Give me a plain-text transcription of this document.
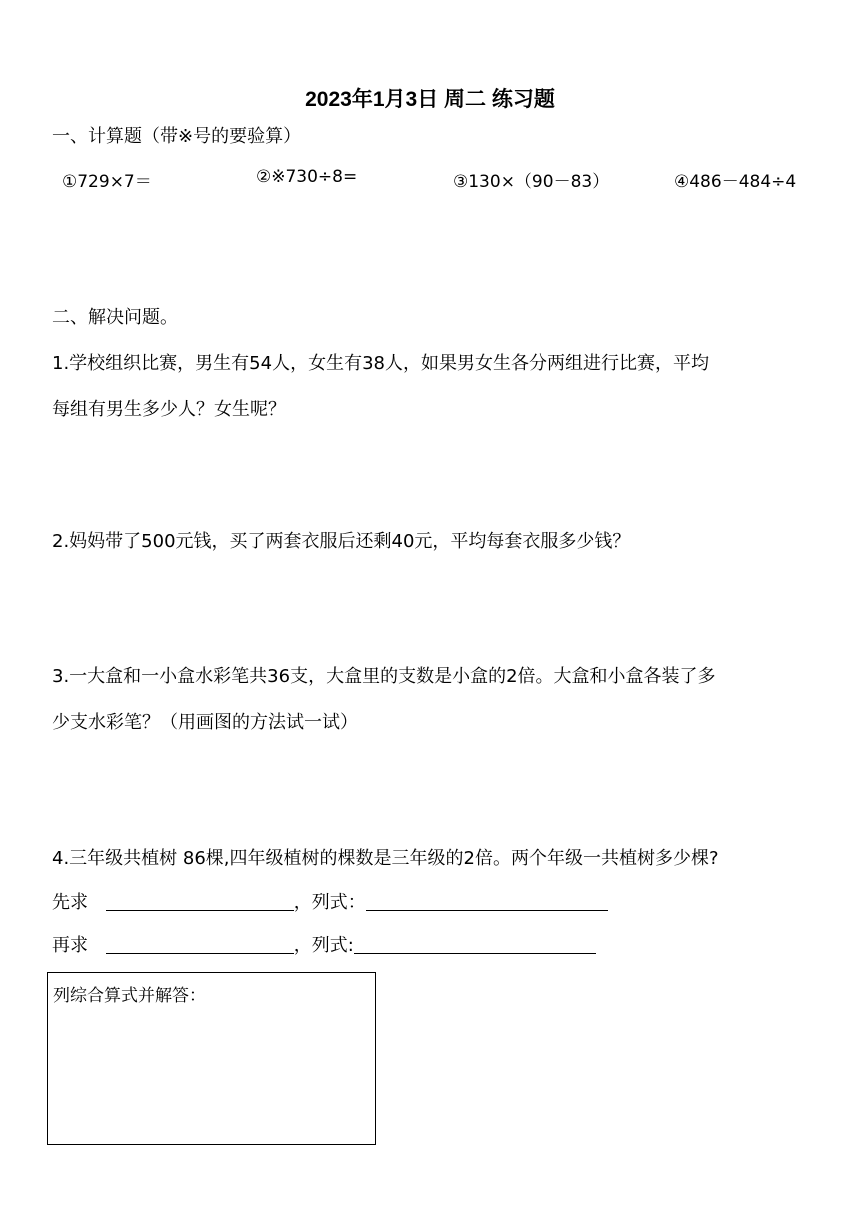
2023年1月3日 周二 练习题
一、计算题（带※号的要验算）
①729×7＝	②※730÷8=	③130×（90－83）	④486－484÷4
二、解决问题。
1.学校组织比赛，男生有54人，女生有38人，如果男女生各分两组进行比赛，平均
每组有男生多少人？女生呢？
2.妈妈带了500元钱，买了两套衣服后还剩40元，平均每套衣服多少钱？
3.一大盒和一小盒水彩笔共36支，大盒里的支数是小盒的2倍。大盒和小盒各装了多
少支水彩笔？（用画图的方法试一试）
4.三年级共植树 86棵,四年级植树的棵数是三年级的2倍。两个年级一共植树多少棵?
先求	，列式：
再求	，列式:
列综合算式并解答：
